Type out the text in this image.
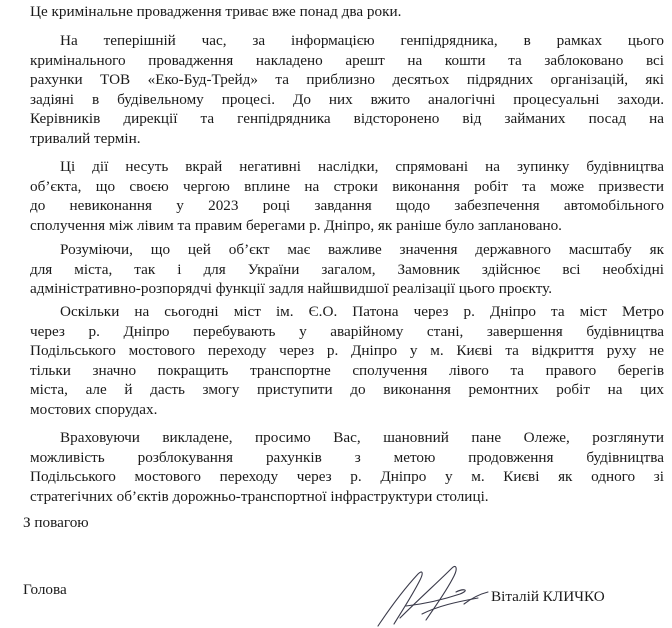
Це кримінальне провадження триває вже понад два роки.
На теперішній час, за інформацією генпідрядника, в рамках цього
кримінального провадження накладено арешт на кошти та заблоковано всі
рахунки ТОВ «Еко-Буд-Трейд» та приблизно десятьох підрядних організацій, які
задіяні в будівельному процесі. До них вжито аналогічні процесуальні заходи.
Керівників дирекції та генпідрядника відсторонено від займаних посад на
тривалий термін.
Ці дії несуть вкрай негативні наслідки, спрямовані на зупинку будівництва
об’єкта, що своєю чергою вплине на строки виконання робіт та може призвести
до невиконання у 2023 році завдання щодо забезпечення автомобільного
сполучення між лівим та правим берегами р. Дніпро, як раніше було заплановано.
Розуміючи, що цей об’єкт має важливе значення державного масштабу як
для міста, так і для України загалом, Замовник здійснює всі необхідні
адміністративно-розпорядчі функції задля найшвидшої реалізації цього проєкту.
Оскільки на сьогодні міст ім. Є.О. Патона через р. Дніпро та міст Метро
через р. Дніпро перебувають у аварійному стані, завершення будівництва
Подільського мостового переходу через р. Дніпро у м. Києві та відкриття руху не
тільки значно покращить транспортне сполучення лівого та правого берегів
міста, але й дасть змогу приступити до виконання ремонтних робіт на цих
мостових спорудах.
Враховуючи викладене, просимо Вас, шановний пане Олеже, розглянути
можливість розблокування рахунків з метою продовження будівництва
Подільського мостового переходу через р. Дніпро у м. Києві як одного зі
стратегічних об’єктів дорожньо-транспортної інфраструктури столиці.
З повагою
Голова	Віталій КЛИЧКО
